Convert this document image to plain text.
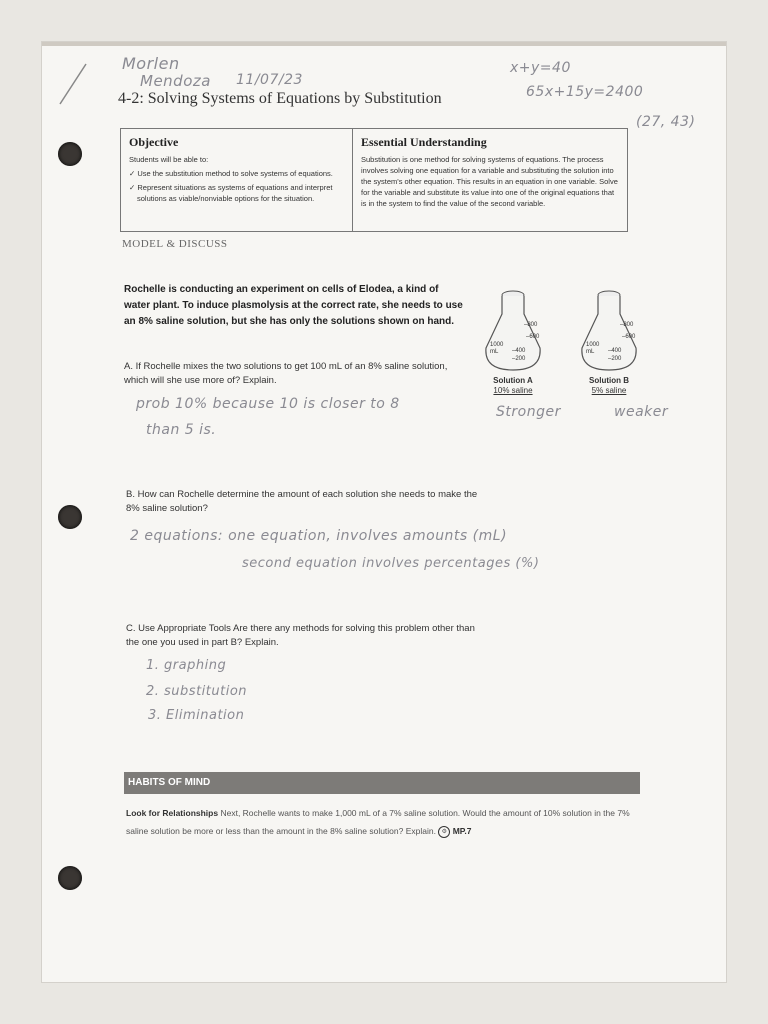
Morlen
Mendoza 11/07/23
x+y=40
65x+15y=2400
(27, 43)
4-2: Solving Systems of Equations by Substitution
Objective

Students will be able to:

✓ Use the substitution method to solve systems of equations.
✓ Represent situations as systems of equations and interpret solutions as viable/nonviable options for the situation.
Essential Understanding

Substitution is one method for solving systems of equations. The process involves solving one equation for a variable and substituting the solution into the system's other equation. This results in an equation in one variable. Solve for the variable and substitute its value into one of the original equations that is in the system to find the value of the second variable.

MODEL & DISCUSS
Rochelle is conducting an experiment on cells of Elodea, a kind of water plant. To induce plasmolysis at the correct rate, she needs to use an 8% saline solution, but she has only the solutions shown on hand.
A. If Rochelle mixes the two solutions to get 100 mL of an 8% saline solution, which will she use more of? Explain.
prob 10% because 10 is closer to 8
than 5 is.
–800
–600
–400
–200
1000
mL
Solution A
10% saline
Stronger
–800
–600
–400
–200
1000
mL
Solution B
5% saline
weaker
B. How can Rochelle determine the amount of each solution she needs to make the 8% saline solution?
2 equations: one equation, involves amounts (mL)
second equation involves percentages (%)
C. Use Appropriate Tools Are there any methods for solving this problem other than the one you used in part B? Explain.
1. graphing
2. substitution
3. Elimination
HABITS OF MIND
Look for Relationships Next, Rochelle wants to make 1,000 mL of a 7% saline solution. Would the amount of 10% solution in the 7% saline solution be more or less than the amount in the 8% saline solution? Explain. ⚙ MP.7
